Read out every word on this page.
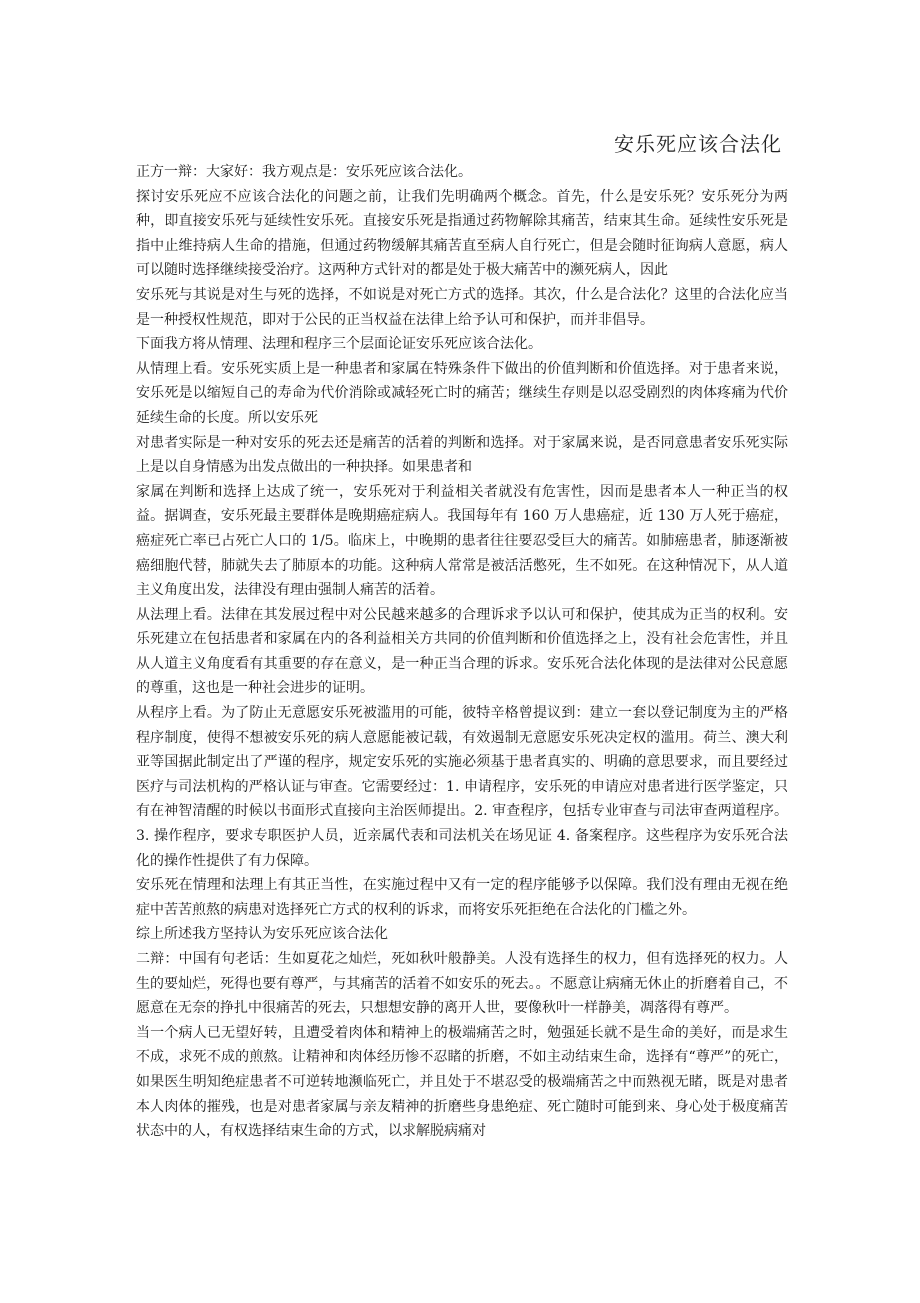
安乐死应该合法化

正方一辩：大家好：我方观点是：安乐死应该合法化。

探讨安乐死应不应该合法化的问题之前，让我们先明确两个概念。首先，什么是安乐死？安乐死分为两种，即直接安乐死与延续性安乐死。直接安乐死是指通过药物解除其痛苦，结束其生命。延续性安乐死是指中止维持病人生命的措施，但通过药物缓解其痛苦直至病人自行死亡，但是会随时征询病人意愿，病人可以随时选择继续接受治疗。这两种方式针对的都是处于极大痛苦中的濒死病人，因此

安乐死与其说是对生与死的选择，不如说是对死亡方式的选择。其次，什么是合法化？这里的合法化应当是一种授权性规范，即对于公民的正当权益在法律上给予认可和保护，而并非倡导。

下面我方将从情理、法理和程序三个层面论证安乐死应该合法化。

从情理上看。安乐死实质上是一种患者和家属在特殊条件下做出的价值判断和价值选择。对于患者来说，安乐死是以缩短自己的寿命为代价消除或减轻死亡时的痛苦；继续生存则是以忍受剧烈的肉体疼痛为代价延续生命的长度。所以安乐死

对患者实际是一种对安乐的死去还是痛苦的活着的判断和选择。对于家属来说，是否同意患者安乐死实际上是以自身情感为出发点做出的一种抉择。如果患者和

家属在判断和选择上达成了统一，安乐死对于利益相关者就没有危害性，因而是患者本人一种正当的权益。据调查，安乐死最主要群体是晚期癌症病人。我国每年有 160 万人患癌症，近 130 万人死于癌症，癌症死亡率已占死亡人口的 1/5。临床上，中晚期的患者往往要忍受巨大的痛苦。如肺癌患者，肺逐渐被癌细胞代替，肺就失去了肺原本的功能。这种病人常常是被活活憋死，生不如死。在这种情况下，从人道主义角度出发，法律没有理由强制人痛苦的活着。

从法理上看。法律在其发展过程中对公民越来越多的合理诉求予以认可和保护，使其成为正当的权利。安乐死建立在包括患者和家属在内的各利益相关方共同的价值判断和价值选择之上，没有社会危害性，并且从人道主义角度看有其重要的存在意义，是一种正当合理的诉求。安乐死合法化体现的是法律对公民意愿的尊重，这也是一种社会进步的证明。

从程序上看。为了防止无意愿安乐死被滥用的可能，彼特辛格曾提议到：建立一套以登记制度为主的严格程序制度，使得不想被安乐死的病人意愿能被记载，有效遏制无意愿安乐死决定权的滥用。荷兰、澳大利亚等国据此制定出了严谨的程序，规定安乐死的实施必须基于患者真实的、明确的意思要求，而且要经过医疗与司法机构的严格认证与审查。它需要经过：1. 申请程序，安乐死的申请应对患者进行医学鉴定，只有在神智清醒的时候以书面形式直接向主治医师提出。2. 审查程序，包括专业审查与司法审查两道程序。3. 操作程序，要求专职医护人员，近亲属代表和司法机关在场见证 4. 备案程序。这些程序为安乐死合法化的操作性提供了有力保障。

安乐死在情理和法理上有其正当性，在实施过程中又有一定的程序能够予以保障。我们没有理由无视在绝症中苦苦煎熬的病患对选择死亡方式的权利的诉求，而将安乐死拒绝在合法化的门槛之外。

综上所述我方坚持认为安乐死应该合法化

二辩：中国有句老话：生如夏花之灿烂，死如秋叶般静美。人没有选择生的权力，但有选择死的权力。人生的要灿烂，死得也要有尊严，与其痛苦的活着不如安乐的死去。。不愿意让病痛无休止的折磨着自己，不愿意在无奈的挣扎中很痛苦的死去，只想想安静的离开人世，要像秋叶一样静美，凋落得有尊严。

当一个病人已无望好转，且遭受着肉体和精神上的极端痛苦之时，勉强延长就不是生命的美好，而是求生不成，求死不成的煎熬。让精神和肉体经历惨不忍睹的折磨，不如主动结束生命，选择有“尊严”的死亡，如果医生明知绝症患者不可逆转地濒临死亡，并且处于不堪忍受的极端痛苦之中而熟视无睹，既是对患者本人肉体的摧残，也是对患者家属与亲友精神的折磨些身患绝症、死亡随时可能到来、身心处于极度痛苦状态中的人，有权选择结束生命的方式，以求解脱病痛对
